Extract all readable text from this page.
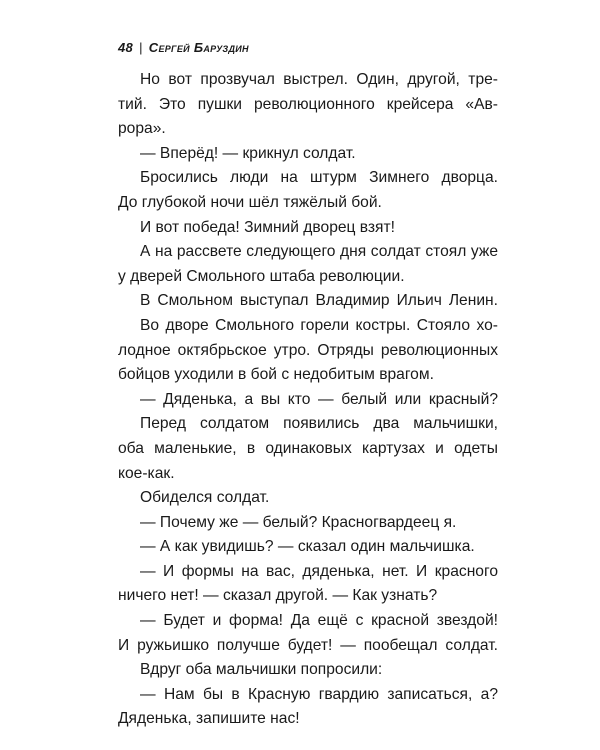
48 | Сергей Баруздин
Но вот прозвучал выстрел. Один, другой, тре-
тий. Это пушки революционного крейсера «Ав-
рора».
— Вперёд! — крикнул солдат.
Бросились люди на штурм Зимнего дворца.
До глубокой ночи шёл тяжёлый бой.
И вот победа! Зимний дворец взят!
А на рассвете следующего дня солдат стоял уже
у дверей Смольного штаба революции.
В Смольном выступал Владимир Ильич Ленин.
Во дворе Смольного горели костры. Стояло хо-
лодное октябрьское утро. Отряды революционных
бойцов уходили в бой с недобитым врагом.
— Дяденька, а вы кто — белый или красный?
Перед солдатом появились два мальчишки,
оба маленькие, в одинаковых картузах и одеты
кое-как.
Обиделся солдат.
— Почему же — белый? Красногвардеец я.
— А как увидишь? — сказал один мальчишка.
— И формы на вас, дяденька, нет. И красного
ничего нет! — сказал другой. — Как узнать?
— Будет и форма! Да ещё с красной звездой!
И ружьишко получше будет! — пообещал солдат.
Вдруг оба мальчишки попросили:
— Нам бы в Красную гвардию записаться, а?
Дяденька, запишите нас!
